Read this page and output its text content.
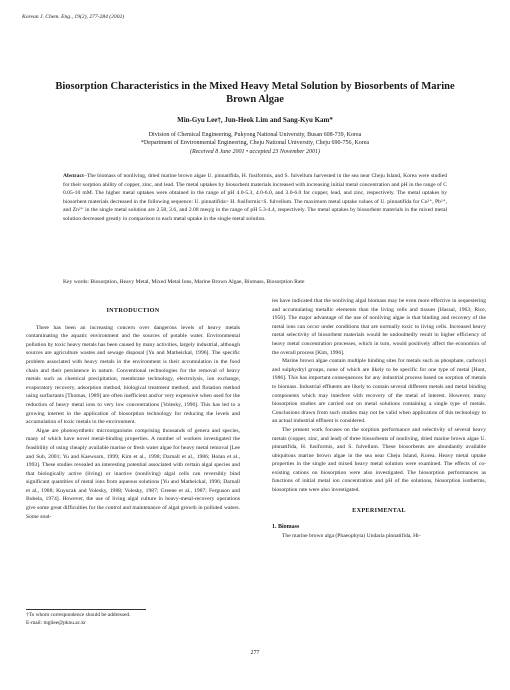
Korean J. Chem. Eng., 19(2), 277-284 (2002)
Biosorption Characteristics in the Mixed Heavy Metal Solution by Biosorbents of Marine Brown Algae
Min-Gyu Lee†, Jun-Heok Lim and Sang-Kyu Kam*
Division of Chemical Engineering, Pukyong National University, Busan 608-739, Korea
*Department of Environmental Engineering, Cheju National University, Cheju 690-756, Korea
(Received 8 June 2001 • accepted 23 November 2001)
Abstract−The biomass of nonliving, dried marine brown algae U. pinnatifida, H. fusiformis, and S. fulvellum harvested in the sea near Cheju Island, Korea were studied for their sorption ability of copper, zinc, and lead. The metal uptakes by biosorbent materials increased with increasing initial metal concentration and pH in the range of C 0.05-10 mM. The higher metal uptakes were obtained in the range of pH 4.0-5.3, 4.0-6.0, and 3.0-6.0 for copper, lead, and zinc, respectively. The metal uptakes by biosorbent materials decreased in the following sequence: U. pinnatifida> H. fusiformis>S. fulvellum. The maximum metal uptake values of U. pinnatifida for Cu²⁺, Pb²⁺, and Zn²⁺ in the single metal solution are 2.58, 2.6, and 2.08 meq/g in the range of pH 5.3-4.4, respectively. The metal uptakes by biosorbent materials in the mixed metal solution decreased greatly in comparison to each metal uptake in the single metal solution.
Key words: Biosorption, Heavy Metal, Mixed Metal Ions, Marine Brown Algae, Biomass, Biosorption Rate
INTRODUCTION

There has been an increasing concern over dangerous levels of heavy metals contaminating the aquatic environment and the sources of potable water. Environmental pollution by toxic heavy metals has been caused by many activities, largely industrial, although sources are agriculture wastes and sewage disposal [Yu and Matheickal, 1996]. The specific problem associated with heavy metals in the environment is their accumulation in the food chain and their persistence in nature. Conventional technologies for the removal of heavy metals such as chemical precipitation, membrane technology, electrolysis, ion exchange, evaporatory recovery, adsorption method, biological treatment method, and flotation method using surfactants [Thomas, 1989] are often inefficient and/or very expensive when used for the reduction of heavy metal ions to very low concentrations [Volesky, 1990]. This has led to a growing interest in the application of biosorption technology for reducing the levels and accumulation of toxic metals in the environment.

Algae are photosynthetic microorganisms comprising thousands of genera and species, many of which have novel metal-binding properties. A number of workers investigated the feasibility of using cheaply available marine or fresh water algae for heavy metal removal [Lee and Suh, 2001; Yu and Kaewsarn, 1999; Kim et al., 1998; Darnall et al., 1986; Holan et al., 1993]. These studies revealed an interesting potential associated with certain algal species and that biologically active (living) or inactive (nonliving) algal cells can reversibly bind significant quantities of metal ions from aqueous solutions [Yu and Matheickal, 1996; Darnall et al., 1988; Kuyucak and Volesky, 1988; Volesky, 1987; Greene et al., 1987; Ferguson and Bubela, 1974]. However, the use of living algal culture in heavy-metal-recovery operations give some great difficulties for the control and maintenance of algal growth in polluted waters. Some stud-

ies have indicated that the nonliving algal biomass may be even more effective in sequestering and accumulating metallic elements than the living cells and tissues [Hassal, 1963; Rice, 1956]. The major advantage of the use of nonliving algae is that binding and recovery of the metal ions can occur under conditions that are normally toxic to living cells. Increased heavy metal selectivity of biosorbent materials would be undoubtedly result in higher efficiency of heavy metal concentration processes, which in turn, would positively affect the economics of the overall process [Kim, 1996].

Marine brown algae contain multiple binding sites for metals such as phosphate, carboxyl and sulphydryl groups, none of which are likely to be specific for one type of metal [Hunt, 1986]. This has important consequences for any industrial process based on sorption of metals to biomass. Industrial effluents are likely to contain several different metals and metal binding components which may interfere with recovery of the metal of interest. However, many biosorption studies are carried out on metal solutions containing a single type of metals. Conclusions drawn from such studies may not be valid when application of this technology to an actual industrial effluent is considered.

The present work focuses on the sorption performance and selectivity of several heavy metals (copper, zinc, and lead) of three biosorbents of nonliving, dried marine brown algae U. pinnatifida, H. fusiformis, and S. fulvellum. These biosorbents are abundantly available ubiquitous marine brown algae in the sea near Cheju Island, Korea. Heavy metal uptake properties in the single and mixed heavy metal solution were examined. The effects of co-existing cations on biosorption were also investigated. The biosorption performances as functions of initial metal ion concentration and pH of the solutions, biosorption isotherms, biosorption rate were also investigated.

EXPERIMENTAL
1. Biomass

The marine brown alga (Phaeophyta) Undaria pinnatifida, Hi-

†To whom correspondence should be addressed.
E-mail: mgilee@pknu.ac.kr
277
